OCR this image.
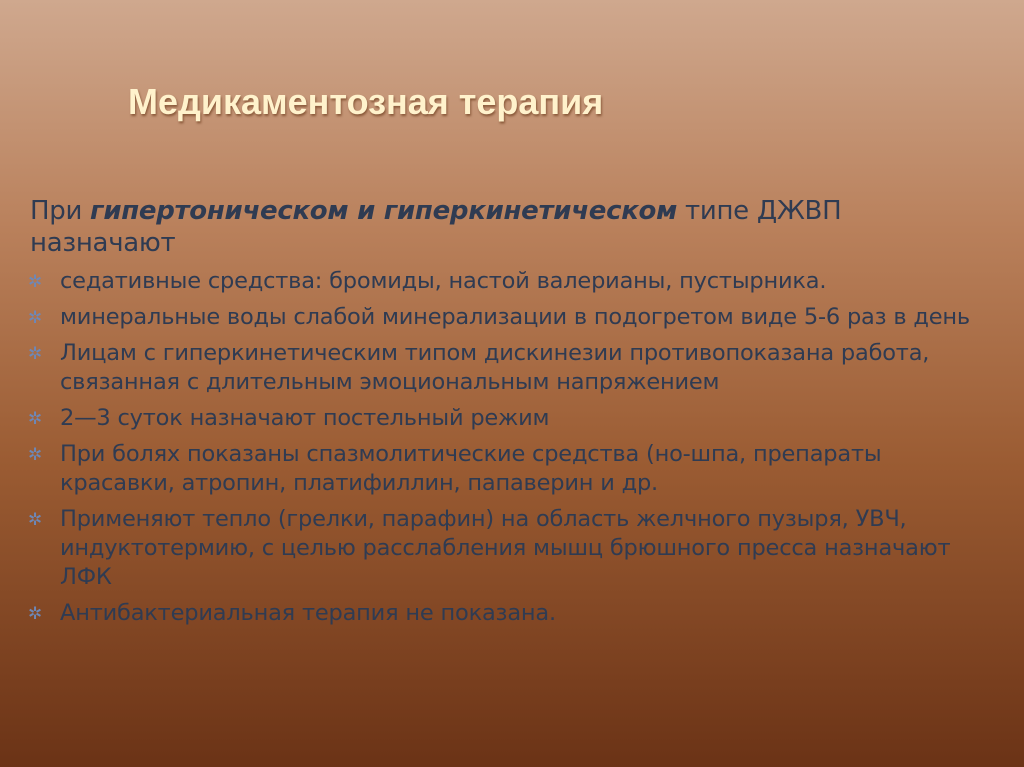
Медикаментозная терапия

При гипертоническом и гиперкинетическом типе ДЖВП назначают

✲ седативные средства: бромиды, настой валерианы, пустырника.
✲ минеральные воды слабой минерализации в подогретом виде 5-6 раз в день
✲ Лицам с гиперкинетическим типом дискинезии противопоказана работа, связанная с длительным эмоциональным напряжением
✲ 2—3 суток назначают постельный режим
✲ При болях показаны спазмолитические средства (но-шпа, препараты красавки, атропин, платифиллин, папаверин и др.
✲ Применяют тепло (грелки, парафин) на область желчного пузыря, УВЧ, индуктотермию, с целью расслабления мышц брюшного пресса назначают ЛФК
✲ Антибактериальная терапия не показана.
